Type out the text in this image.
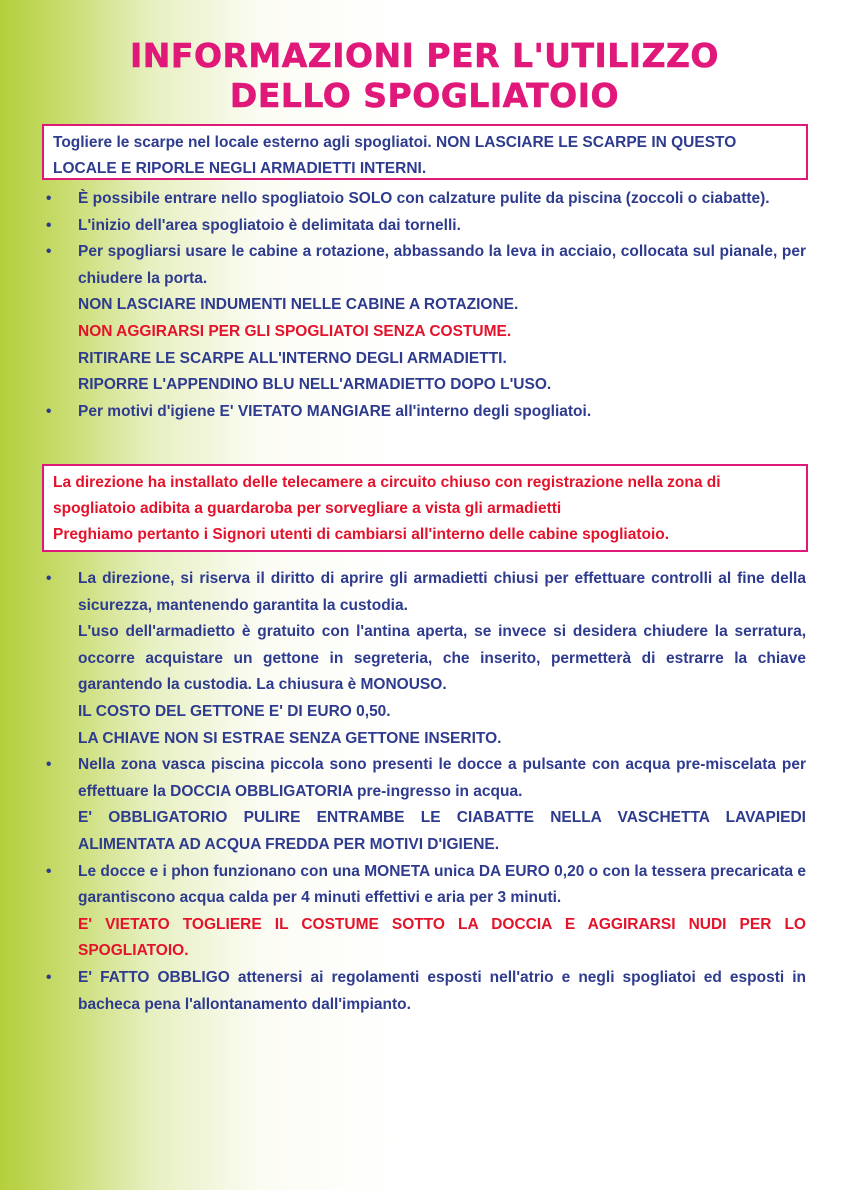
INFORMAZIONI PER L'UTILIZZO
DELLO SPOGLIATOIO
Togliere le scarpe nel locale esterno agli spogliatoi. NON LASCIARE LE SCARPE IN QUESTO LOCALE E RIPORLE NEGLI ARMADIETTI INTERNI.
• È possibile entrare nello spogliatoio SOLO con calzature pulite da piscina (zoccoli o ciabatte).
• L'inizio dell'area spogliatoio è delimitata dai tornelli.
• Per spogliarsi usare le cabine a rotazione, abbassando la leva in acciaio, collocata sul pianale, per chiudere la porta.
NON LASCIARE INDUMENTI NELLE CABINE A ROTAZIONE.
NON AGGIRARSI PER GLI SPOGLIATOI SENZA COSTUME.
RITIRARE LE SCARPE ALL'INTERNO DEGLI ARMADIETTI.
RIPORRE L'APPENDINO BLU NELL'ARMADIETTO DOPO L'USO.
• Per motivi d'igiene E' VIETATO MANGIARE all'interno degli spogliatoi.
La direzione ha installato delle telecamere a circuito chiuso con registrazione nella zona di spogliatoio adibita a guardaroba per sorvegliare a vista gli armadietti
Preghiamo pertanto i Signori utenti di cambiarsi all'interno delle cabine spogliatoio.
• La direzione, si riserva il diritto di aprire gli armadietti chiusi per effettuare controlli al fine della sicurezza, mantenendo garantita la custodia.
L'uso dell'armadietto è gratuito con l'antina aperta, se invece si desidera chiudere la serratura, occorre acquistare un gettone in segreteria, che inserito, permetterà di estrarre la chiave garantendo la custodia. La chiusura è MONOUSO.
IL COSTO DEL GETTONE E' DI EURO 0,50.
LA CHIAVE NON SI ESTRAE SENZA GETTONE INSERITO.
• Nella zona vasca piscina piccola sono presenti le docce a pulsante con acqua pre-miscelata per effettuare la DOCCIA OBBLIGATORIA pre-ingresso in acqua.
E' OBBLIGATORIO PULIRE ENTRAMBE LE CIABATTE NELLA VASCHETTA LAVAPIEDI ALIMENTATA AD ACQUA FREDDA PER MOTIVI D'IGIENE.
• Le docce e i phon funzionano con una MONETA unica DA EURO 0,20 o con la tessera precaricata e garantiscono acqua calda per 4 minuti effettivi e aria per 3 minuti.
E' VIETATO TOGLIERE IL COSTUME SOTTO LA DOCCIA E AGGIRARSI NUDI PER LO SPOGLIATOIO.
• E' FATTO OBBLIGO attenersi ai regolamenti esposti nell'atrio e negli spogliatoi ed esposti in bacheca pena l'allontanamento dall'impianto.
